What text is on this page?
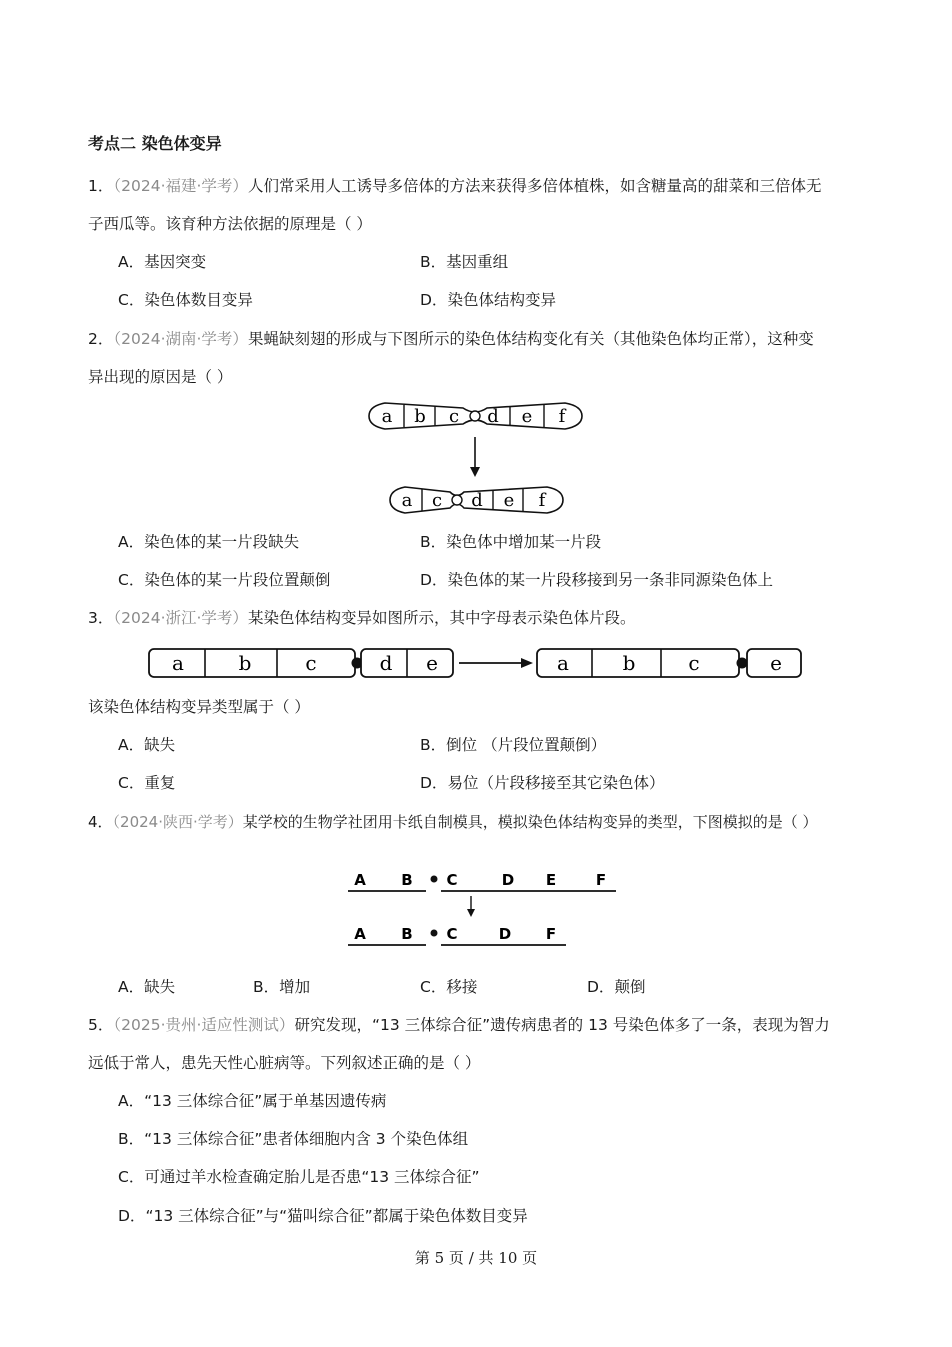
考点二 染色体变异
1．（2024·福建·学考）人们常采用人工诱导多倍体的方法来获得多倍体植株，如含糖量高的甜菜和三倍体无
子西瓜等。该育种方法依据的原理是（ ）
A．基因突变	B．基因重组
C．染色体数目变异	D．染色体结构变异
2．（2024·湖南·学考）果蝇缺刻翅的形成与下图所示的染色体结构变化有关（其他染色体均正常），这种变
异出现的原因是（ ）
a b c d e f
a c d e f
A．染色体的某一片段缺失	B．染色体中增加某一片段
C．染色体的某一片段位置颠倒	D．染色体的某一片段移接到另一条非同源染色体上
3．（2024·浙江·学考）某染色体结构变异如图所示，其中字母表示染色体片段。
a	b	c	d e	a	b	c	e
该染色体结构变异类型属于（ ）
A．缺失	B．倒位 （片段位置颠倒）
C．重复	D．易位（片段移接至其它染色体）
4．（2024·陕西·学考）某学校的生物学社团用卡纸自制模具，模拟染色体结构变异的类型，下图模拟的是（ ）
A B C	D E	F
A B C	D F
A．缺失	B．增加	C．移接	D．颠倒
5．（2025·贵州·适应性测试）研究发现，“13 三体综合征”遗传病患者的 13 号染色体多了一条，表现为智力
远低于常人，患先天性心脏病等。下列叙述正确的是（ ）
A．“13 三体综合征”属于单基因遗传病
B．“13 三体综合征”患者体细胞内含 3 个染色体组
C．可通过羊水检查确定胎儿是否患“13 三体综合征”
D．“13 三体综合征”与“猫叫综合征”都属于染色体数目变异
第 5 页 / 共 10 页
